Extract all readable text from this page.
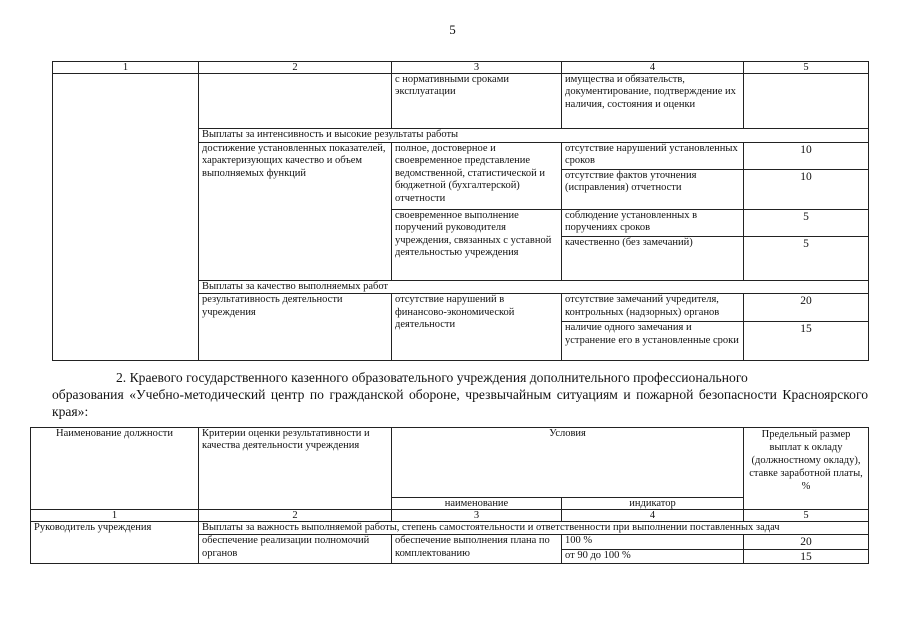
5
1	2	3	4	5
		с нормативными сроками эксплуатации	имущества и обязательств, документирование, подтверждение их наличия, состояния и оценки	
	Выплаты за интенсивность и высокие результаты работы			
	достижение установленных показателей, характеризующих качество и объем выполняемых функций	полное, достоверное и своевременное представление ведомственной, статистической и бюджетной (бухгалтерской) отчетности	отсутствие нарушений установленных сроков	10
			отсутствие фактов уточнения (исправления) отчетности	10
		своевременное выполнение поручений руководителя учреждения, связанных с уставной деятельностью учреждения	соблюдение установленных в поручениях сроков	5
			качественно (без замечаний)	5
	Выплаты за качество выполняемых работ			
	результативность деятельности учреждения	отсутствие нарушений в финансово-экономической деятельности	отсутствие замечаний учредителя, контрольных (надзорных) органов	20
			наличие одного замечания и устранение его в установленные сроки	15
2. Краевого государственного казенного образовательного учреждения дополнительного профессионального
образования «Учебно-методический центр по гражданской обороне, чрезвычайным ситуациям и пожарной безопасности Красноярского края»:
Наименование должности	Критерии оценки результативности и качества деятельности учреждения	Условия		Предельный размер выплат к окладу (должностному окладу), ставке заработной платы, %
		наименование	индикатор	
1	2	3	4	5
Руководитель учреждения	Выплаты за важность выполняемой работы, степень самостоятельности и ответственности при выполнении поставленных задач			
	обеспечение реализации полномочий органов	обеспечение выполнения плана по комплектованию	100 %	20
			от 90 до 100 %	15
